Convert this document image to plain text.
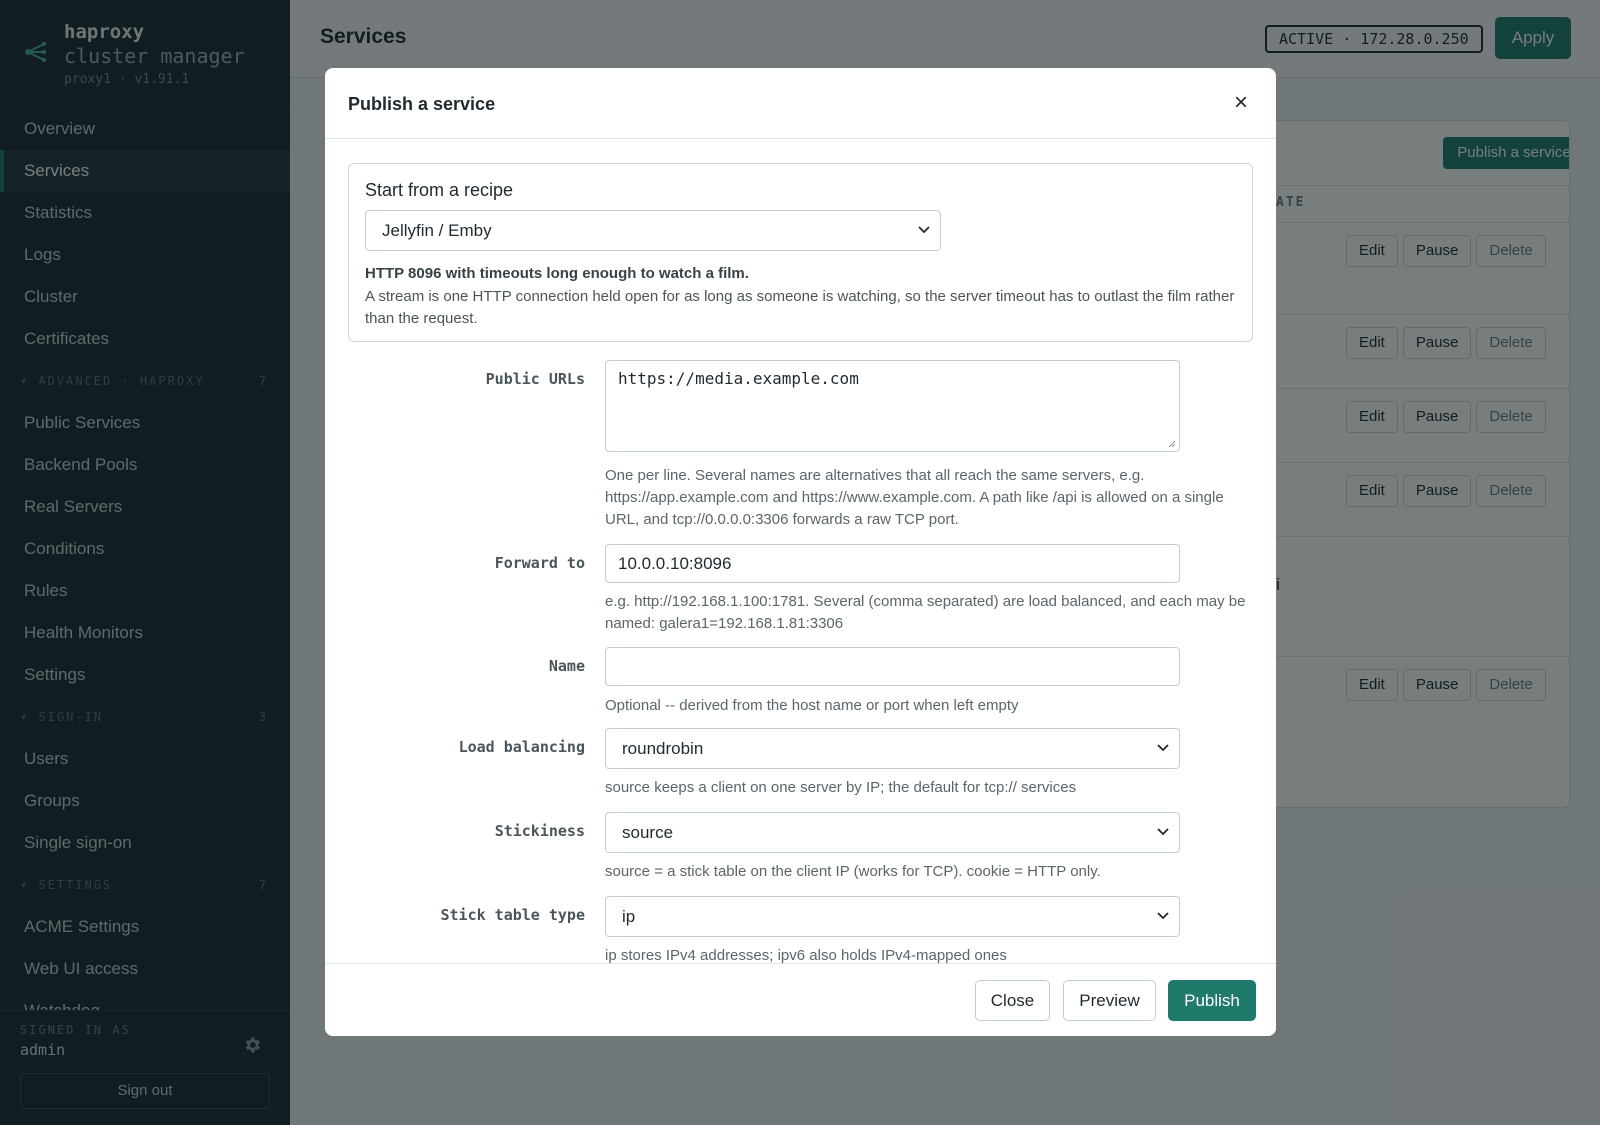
Publish a service	×
Start from a recipe
Jellyfin / Emby
HTTP 8096 with timeouts long enough to watch a film.
A stream is one HTTP connection held open for as long as someone is watching, so the server timeout has to outlast the film rather than the request.
Public URLs	https://media.example.com
One per line. Several names are alternatives that all reach the same servers, e.g. https://app.example.com and https://www.example.com. A path like /api is allowed on a single URL, and tcp://0.0.0.0:3306 forwards a raw TCP port.
Forward to	10.0.0.10:8096
e.g. http://192.168.1.100:1781. Several (comma separated) are load balanced, and each may be named: galera1=192.168.1.81:3306
Name
Optional -- derived from the host name or port when left empty
Load balancing	roundrobin
source keeps a client on one server by IP; the default for tcp:// services
Stickiness	source
source = a stick table on the client IP (works for TCP). cookie = HTTP only.
Stick table type	ip
ip stores IPv4 addresses; ipv6 also holds IPv4-mapped ones
Close	Preview	Publish
